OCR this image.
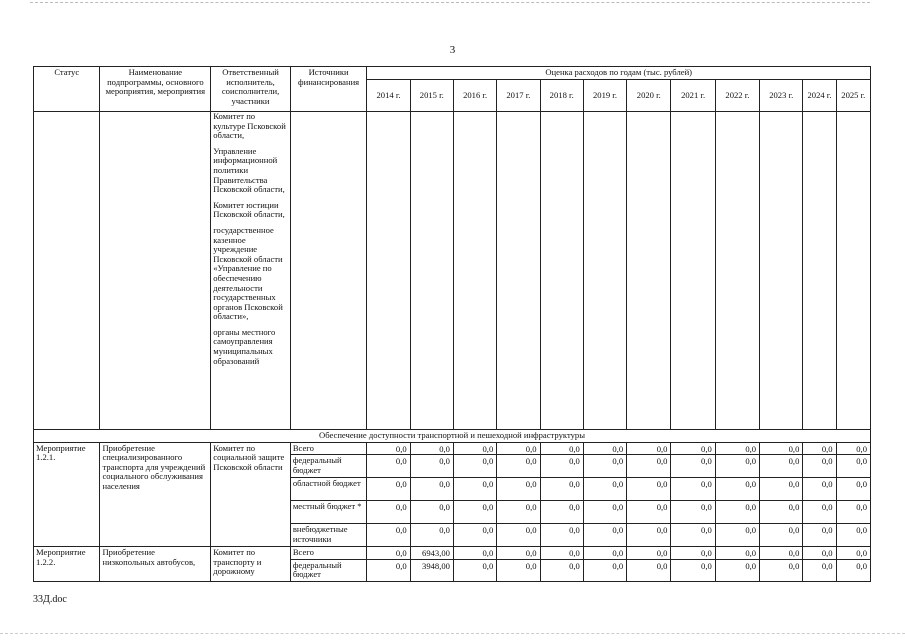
3
Статус	Наименование подпрограммы, основного мероприятия, мероприятия	Ответственный исполнитель, соисполнители, участники	Источники финансирования	Оценка расходов по годам (тыс. рублей)											
				2014 г.	2015 г.	2016 г.	2017 г.	2018 г.	2019 г.	2020 г.	2021 г.	2022 г.	2023 г.	2024 г.	2025 г.

		Комитет по культуре Псковской области,

Управление информационной политики Правительства Псковской области,

Комитет юстиции Псковской области,

государственное казенное учреждение Псковской области «Управление по обеспечению деятельности государственных органов Псковской области»,

органы местного самоуправления муниципальных образований													

Обеспечение доступности транспортной и пешеходной инфраструктуры															
Мероприятие 1.2.1.	Приобретение специализированного транспорта для учреждений социального обслуживания населения	Комитет по социальной защите Псковской области	Всего	0,0	0,0	0,0	0,0	0,0	0,0	0,0	0,0	0,0	0,0	0,0	0,0
			федеральный бюджет	0,0	0,0	0,0	0,0	0,0	0,0	0,0	0,0	0,0	0,0	0,0	0,0
			областной бюджет	0,0	0,0	0,0	0,0	0,0	0,0	0,0	0,0	0,0	0,0	0,0	0,0
			местный бюджет *	0,0	0,0	0,0	0,0	0,0	0,0	0,0	0,0	0,0	0,0	0,0	0,0
			внебюджетные источники	0,0	0,0	0,0	0,0	0,0	0,0	0,0	0,0	0,0	0,0	0,0	0,0
Мероприятие 1.2.2.	Приобретение низкопольных автобусов,	Комитет по транспорту и дорожному	Всего	0,0	6943,00	0,0	0,0	0,0	0,0	0,0	0,0	0,0	0,0	0,0	0,0
			федеральный бюджет	0,0	3948,00	0,0	0,0	0,0	0,0	0,0	0,0	0,0	0,0	0,0	0,0
33Д.doc
